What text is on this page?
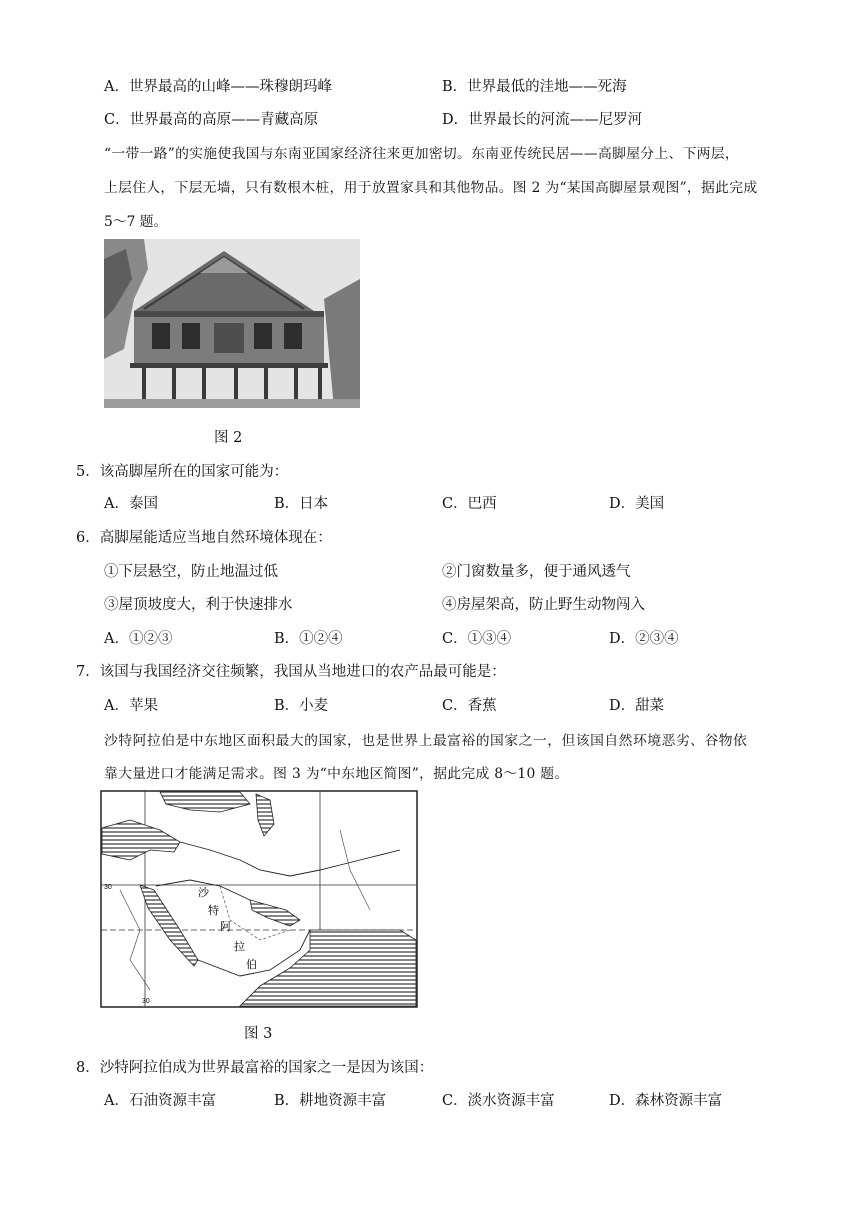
A．世界最高的山峰——珠穆朗玛峰	B．世界最低的洼地——死海
C．世界最高的高原——青藏高原	D．世界最长的河流——尼罗河
“一带一路”的实施使我国与东南亚国家经济往来更加密切。东南亚传统民居——高脚屋分上、下两层，
上层住人，下层无墙，只有数根木桩，用于放置家具和其他物品。图 2 为“某国高脚屋景观图”，据此完成
5～7 题。
图 2
5．该高脚屋所在的国家可能为：
A．泰国	B．日本	C．巴西	D．美国
6．高脚屋能适应当地自然环境体现在：
①下层悬空，防止地温过低	②门窗数量多，便于通风透气
③屋顶坡度大，利于快速排水	④房屋架高，防止野生动物闯入
A．①②③	B．①②④	C．①③④	D．②③④
7．该国与我国经济交往频繁，我国从当地进口的农产品最可能是：
A．苹果	B．小麦	C．香蕉	D．甜菜
沙特阿拉伯是中东地区面积最大的国家，也是世界上最富裕的国家之一，但该国自然环境恶劣、谷物依
靠大量进口才能满足需求。图 3 为“中东地区简图”，据此完成 8～10 题。
沙
特
阿
拉
伯
30
30
图 3
8．沙特阿拉伯成为世界最富裕的国家之一是因为该国：
A．石油资源丰富	B．耕地资源丰富	C．淡水资源丰富	D．森林资源丰富
